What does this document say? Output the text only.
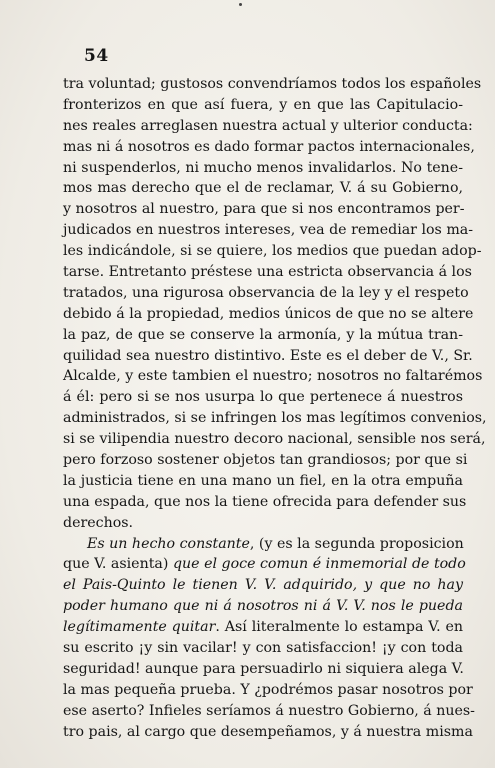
54
tra voluntad; gustosos convendríamos todos los españoles
fronterizos en que así fuera, y en que las Capitulacio-
nes reales arreglasen nuestra actual y ulterior conducta:
mas ni á nosotros es dado formar pactos internacionales,
ni suspenderlos, ni mucho menos invalidarlos. No tene-
mos mas derecho que el de reclamar, V. á su Gobierno,
y nosotros al nuestro, para que si nos encontramos per-
judicados en nuestros intereses, vea de remediar los ma-
les indicándole, si se quiere, los medios que puedan adop-
tarse. Entretanto préstese una estricta observancia á los
tratados, una rigurosa observancia de la ley y el respeto
debido á la propiedad, medios únicos de que no se altere
la paz, de que se conserve la armonía, y la mútua tran-
quilidad sea nuestro distintivo. Este es el deber de V., Sr.
Alcalde, y este tambien el nuestro; nosotros no faltarémos
á él: pero si se nos usurpa lo que pertenece á nuestros
administrados, si se infringen los mas legítimos convenios,
si se vilipendia nuestro decoro nacional, sensible nos será,
pero forzoso sostener objetos tan grandiosos; por que si
la justicia tiene en una mano un fiel, en la otra empuña
una espada, que nos la tiene ofrecida para defender sus
derechos.
Es un hecho constante, (y es la segunda proposicion
que V. asienta) que el goce comun é inmemorial de todo
el Pais-Quinto le tienen V. V. adquirido, y que no hay
poder humano que ni á nosotros ni á V. V. nos le pueda
legítimamente quitar. Así literalmente lo estampa V. en
su escrito ¡y sin vacilar! y con satisfaccion! ¡y con toda
seguridad! aunque para persuadirlo ni siquiera alega V.
la mas pequeña prueba. Y ¿podrémos pasar nosotros por
ese aserto? Infieles seríamos á nuestro Gobierno, á nues-
tro pais, al cargo que desempeñamos, y á nuestra misma
